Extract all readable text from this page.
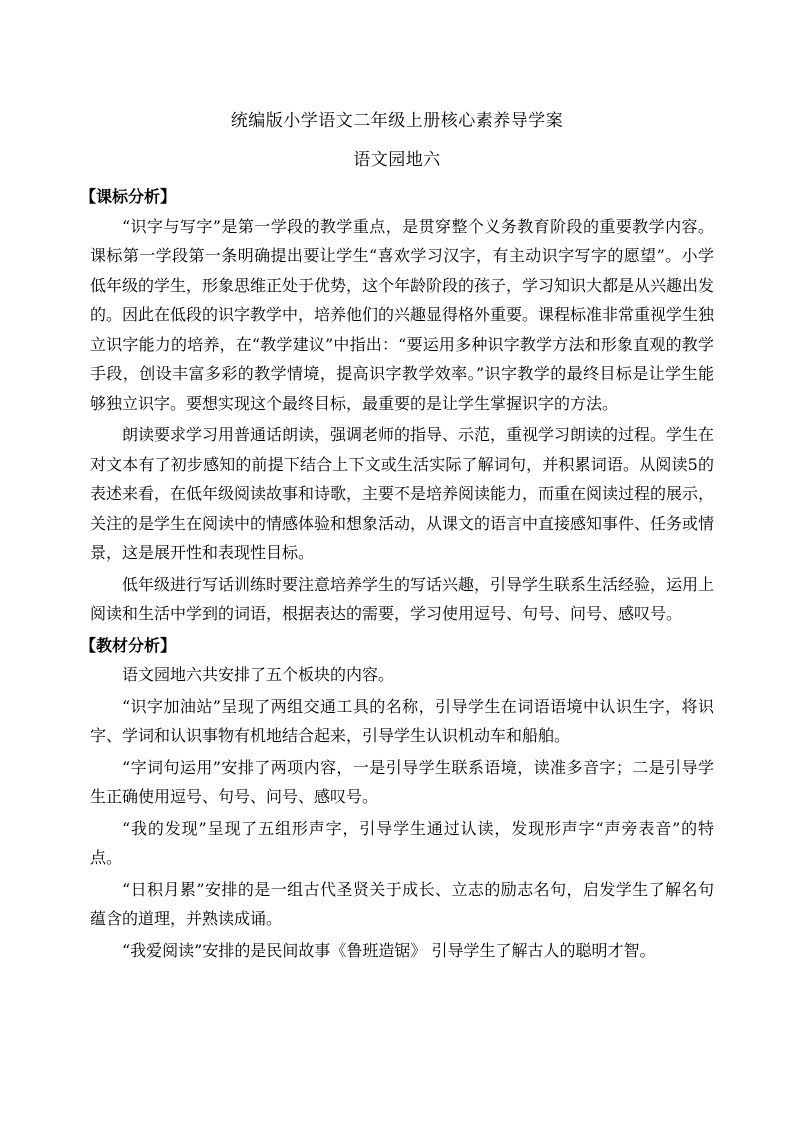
统编版小学语文二年级上册核心素养导学案
语文园地六

【课标分析】

“识字与写字”是第一学段的教学重点，是贯穿整个义务教育阶段的重要教学内容。课标第一学段第一条明确提出要让学生“喜欢学习汉字，有主动识字写字的愿望”。小学低年级的学生，形象思维正处于优势，这个年龄阶段的孩子，学习知识大都是从兴趣出发的。因此在低段的识字教学中，培养他们的兴趣显得格外重要。课程标准非常重视学生独立识字能力的培养，在“教学建议”中指出：“要运用多种识字教学方法和形象直观的教学手段，创设丰富多彩的教学情境，提高识字教学效率。”识字教学的最终目标是让学生能够独立识字。要想实现这个最终目标，最重要的是让学生掌握识字的方法。

朗读要求学习用普通话朗读，强调老师的指导、示范，重视学习朗读的过程。学生在对文本有了初步感知的前提下结合上下文或生活实际了解词句，并积累词语。从阅读5的表述来看，在低年级阅读故事和诗歌，主要不是培养阅读能力，而重在阅读过程的展示，关注的是学生在阅读中的情感体验和想象活动，从课文的语言中直接感知事件、任务或情景，这是展开性和表现性目标。

低年级进行写话训练时要注意培养学生的写话兴趣，引导学生联系生活经验，运用上阅读和生活中学到的词语，根据表达的需要，学习使用逗号、句号、问号、感叹号。

【教材分析】

语文园地六共安排了五个板块的内容。

“识字加油站”呈现了两组交通工具的名称，引导学生在词语语境中认识生字，将识字、学词和认识事物有机地结合起来，引导学生认识机动车和船舶。

“字词句运用”安排了两项内容，一是引导学生联系语境，读准多音字；二是引导学生正确使用逗号、句号、问号、感叹号。

“我的发现”呈现了五组形声字，引导学生通过认读，发现形声字“声旁表音”的特点。

“日积月累”安排的是一组古代圣贤关于成长、立志的励志名句，启发学生了解名句蕴含的道理，并熟读成诵。

“我爱阅读”安排的是民间故事《鲁班造锯》 引导学生了解古人的聪明才智。
